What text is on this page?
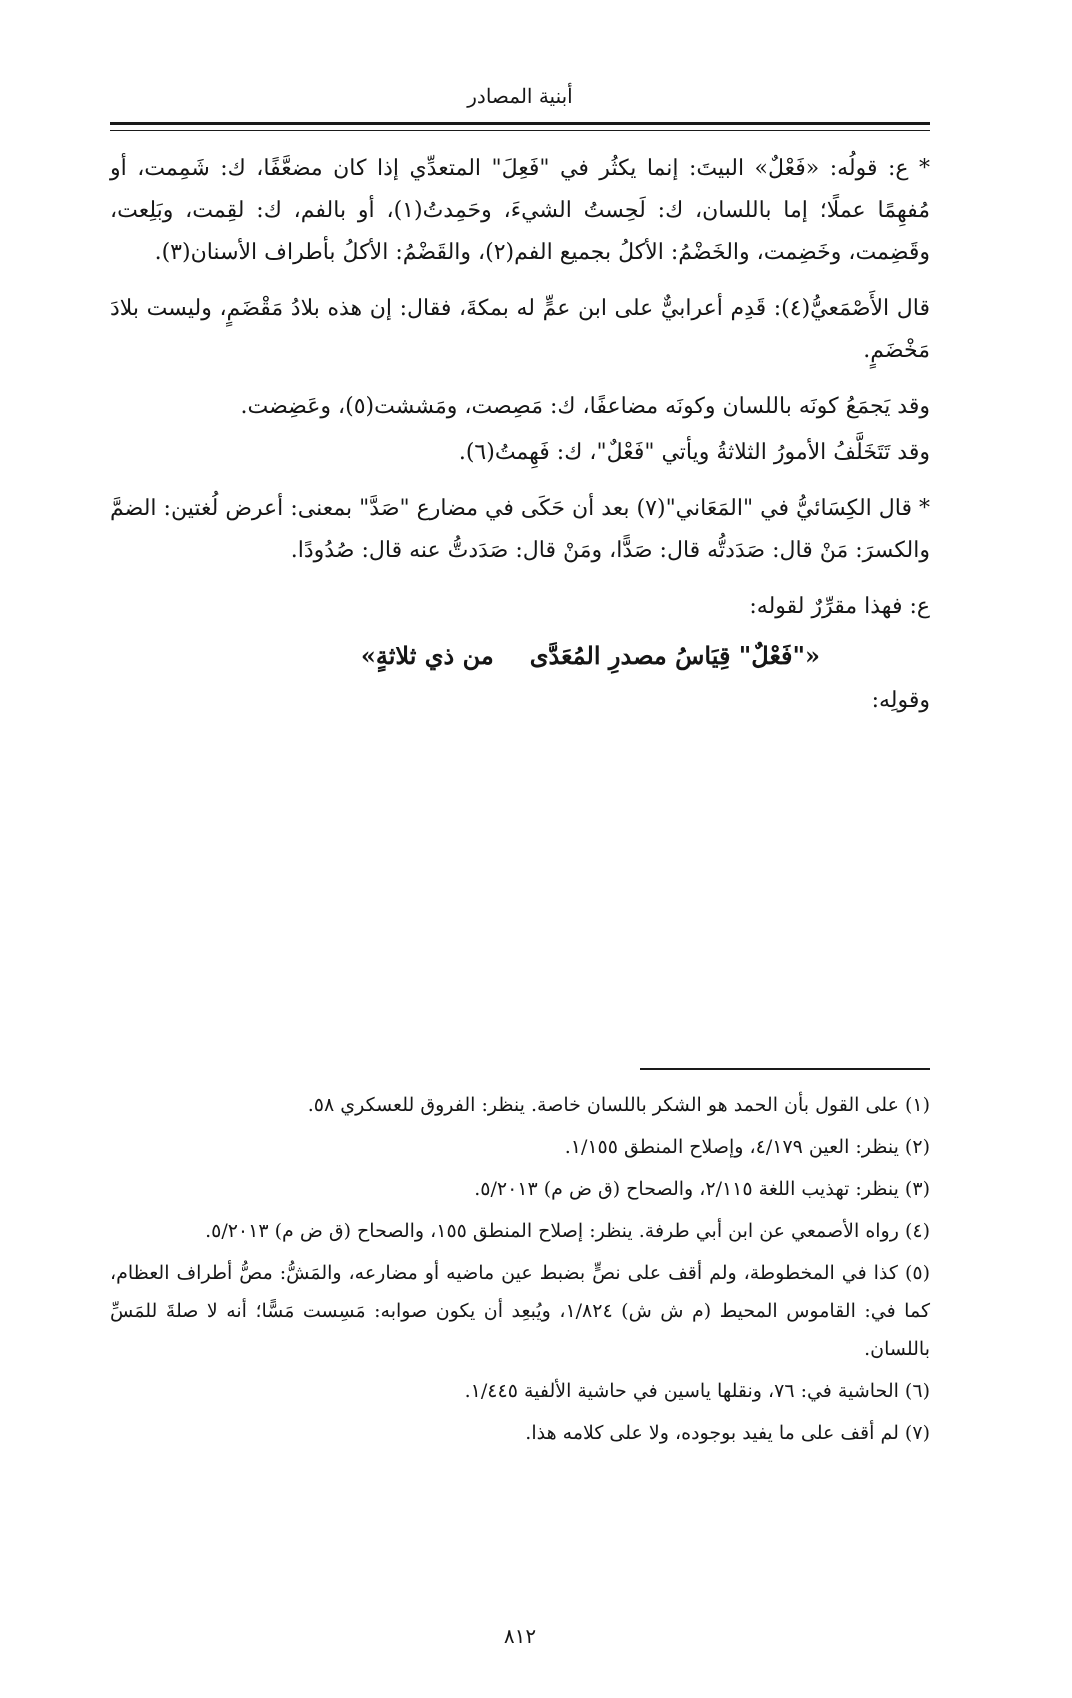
أبنية المصادر

* ع: قولُه: «فَعْلٌ» البيتَ: إنما يكثُر في "فَعِلَ" المتعدِّي إذا كان مضعَّفًا، ك: شَمِمت، أو مُفهِمًا عملًا؛ إما باللسان، ك: لَحِستُ الشيءَ، وحَمِدتُ(١)، أو بالفم، ك: لقِمت، وبَلِعت، وقَضِمت، وخَضِمت، والخَضْمُ: الأكلُ بجميع الفم(٢)، والقَضْمُ: الأكلُ بأطراف الأسنان(٣).

قال الأَصْمَعيُّ(٤): قَدِم أعرابيٌّ على ابن عمٍّ له بمكةَ، فقال: إن هذه بلادُ مَقْضَمٍ، وليست بلادَ مَخْضَمٍ.

وقد يَجمَعُ كونَه باللسان وكونَه مضاعفًا، ك: مَصِصت، ومَششت(٥)، وعَضِضت.

وقد تَتَخَلَّفُ الأمورُ الثلاثةُ ويأتي "فَعْلٌ"، ك: فَهِمتُ(٦).

* قال الكِسَائيُّ في "المَعَاني"(٧) بعد أن حَكَى في مضارع "صَدَّ" بمعنى: أعرض لُغتين: الضمَّ والكسرَ: مَنْ قال: صَدَدتُّه قال: صَدًّا، ومَنْ قال: صَدَدتُّ عنه قال: صُدُودًا.

ع: فهذا مقرِّرٌ لقوله:

«"فَعْلٌ" قِيَاسُ مصدرِ المُعَدَّى
من ذي ثلاثةٍ»

وقولِه:

(١) على القول بأن الحمد هو الشكر باللسان خاصة. ينظر: الفروق للعسكري ٥٨.

(٢) ينظر: العين ٤/١٧٩، وإصلاح المنطق ١/١٥٥.

(٣) ينظر: تهذيب اللغة ٢/١١٥، والصحاح (ق ض م) ٥/٢٠١٣.

(٤) رواه الأصمعي عن ابن أبي طرفة. ينظر: إصلاح المنطق ١٥٥، والصحاح (ق ض م) ٥/٢٠١٣.

(٥) كذا في المخطوطة، ولم أقف على نصٍّ بضبط عين ماضيه أو مضارعه، والمَشُّ: مصُّ أطراف العظام، كما في: القاموس المحيط (م ش ش) ١/٨٢٤، ويُبعِد أن يكون صوابه: مَسِست مَسًّا؛ أنه لا صلةَ للمَسِّ باللسان.

(٦) الحاشية في: ٧٦، ونقلها ياسين في حاشية الألفية ١/٤٤٥.

(٧) لم أقف على ما يفيد بوجوده، ولا على كلامه هذا.

٨١٢
